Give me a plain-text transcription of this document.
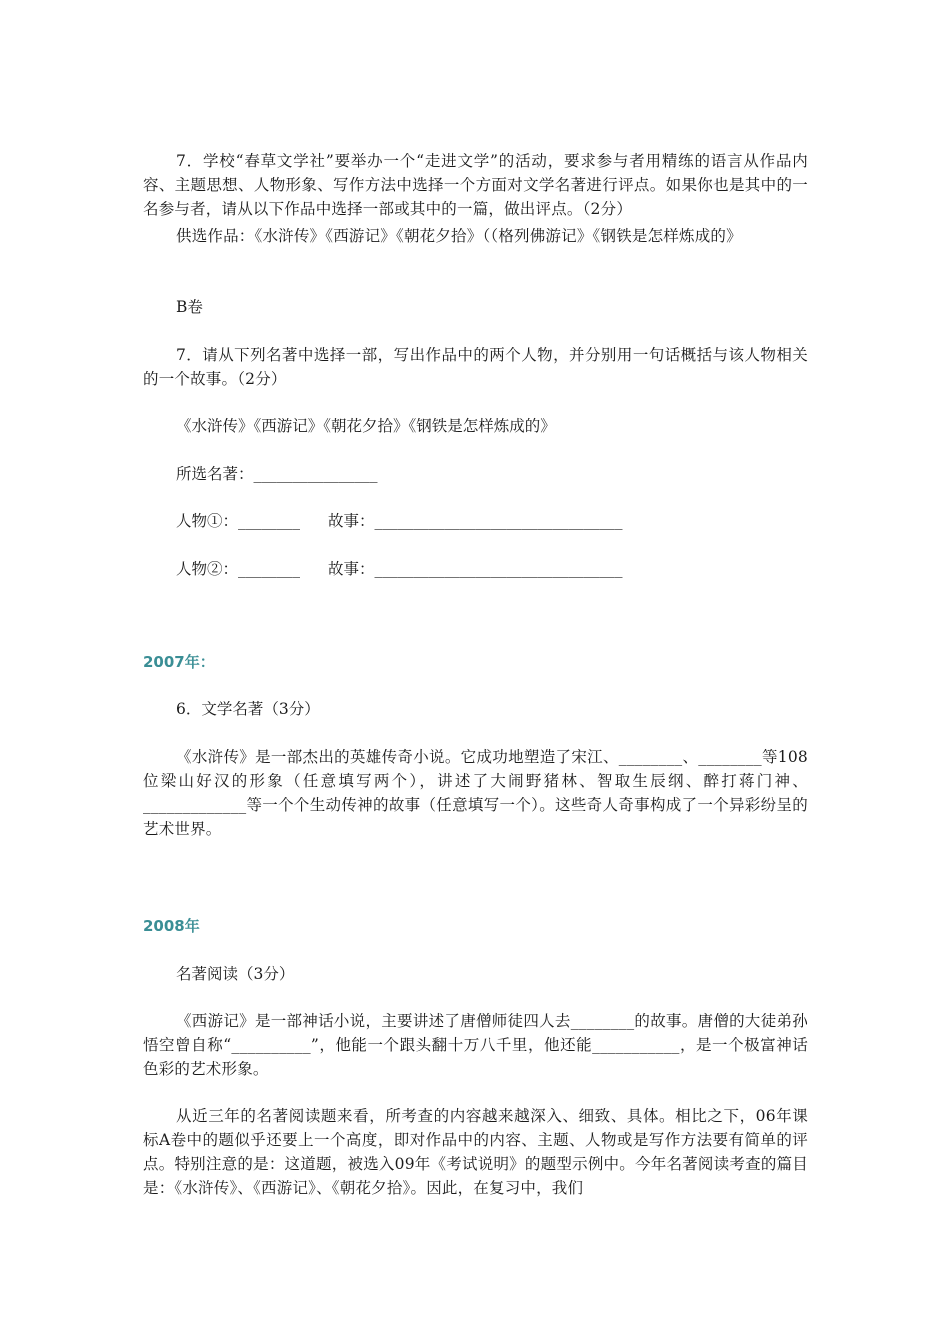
7．学校“春草文学社”要举办一个“走进文学”的活动，要求参与者用精练的语言从作品内容、主题思想、人物形象、写作方法中选择一个方面对文学名著进行评点。如果你也是其中的一名参与者，请从以下作品中选择一部或其中的一篇，做出评点。（2分）
供选作品：《水浒传》《西游记》《朝花夕拾》（（格列佛游记》《钢铁是怎样炼成的》
B卷
7．请从下列名著中选择一部，写出作品中的两个人物，并分别用一句话概括与该人物相关的一个故事。（2分）
《水浒传》《西游记》《朝花夕拾》《钢铁是怎样炼成的》
所选名著：________________
人物①：________ 故事：________________________________
人物②：________ 故事：________________________________
2007年：
6．文学名著（3分）
《水浒传》是一部杰出的英雄传奇小说。它成功地塑造了宋江、________、________等108位梁山好汉的形象（任意填写两个），讲述了大闹野猪林、智取生辰纲、醉打蒋门神、_____________等一个个生动传神的故事（任意填写一个）。这些奇人奇事构成了一个异彩纷呈的艺术世界。
2008年
名著阅读（3分）
《西游记》是一部神话小说，主要讲述了唐僧师徒四人去________的故事。唐僧的大徒弟孙悟空曾自称“__________”，他能一个跟头翻十万八千里，他还能___________，是一个极富神话色彩的艺术形象。
从近三年的名著阅读题来看，所考查的内容越来越深入、细致、具体。相比之下，06年课标A卷中的题似乎还要上一个高度，即对作品中的内容、主题、人物或是写作方法要有简单的评点。特别注意的是：这道题，被选入09年《考试说明》的题型示例中。今年名著阅读考查的篇目是：《水浒传》、《西游记》、《朝花夕拾》。因此，在复习中，我们
